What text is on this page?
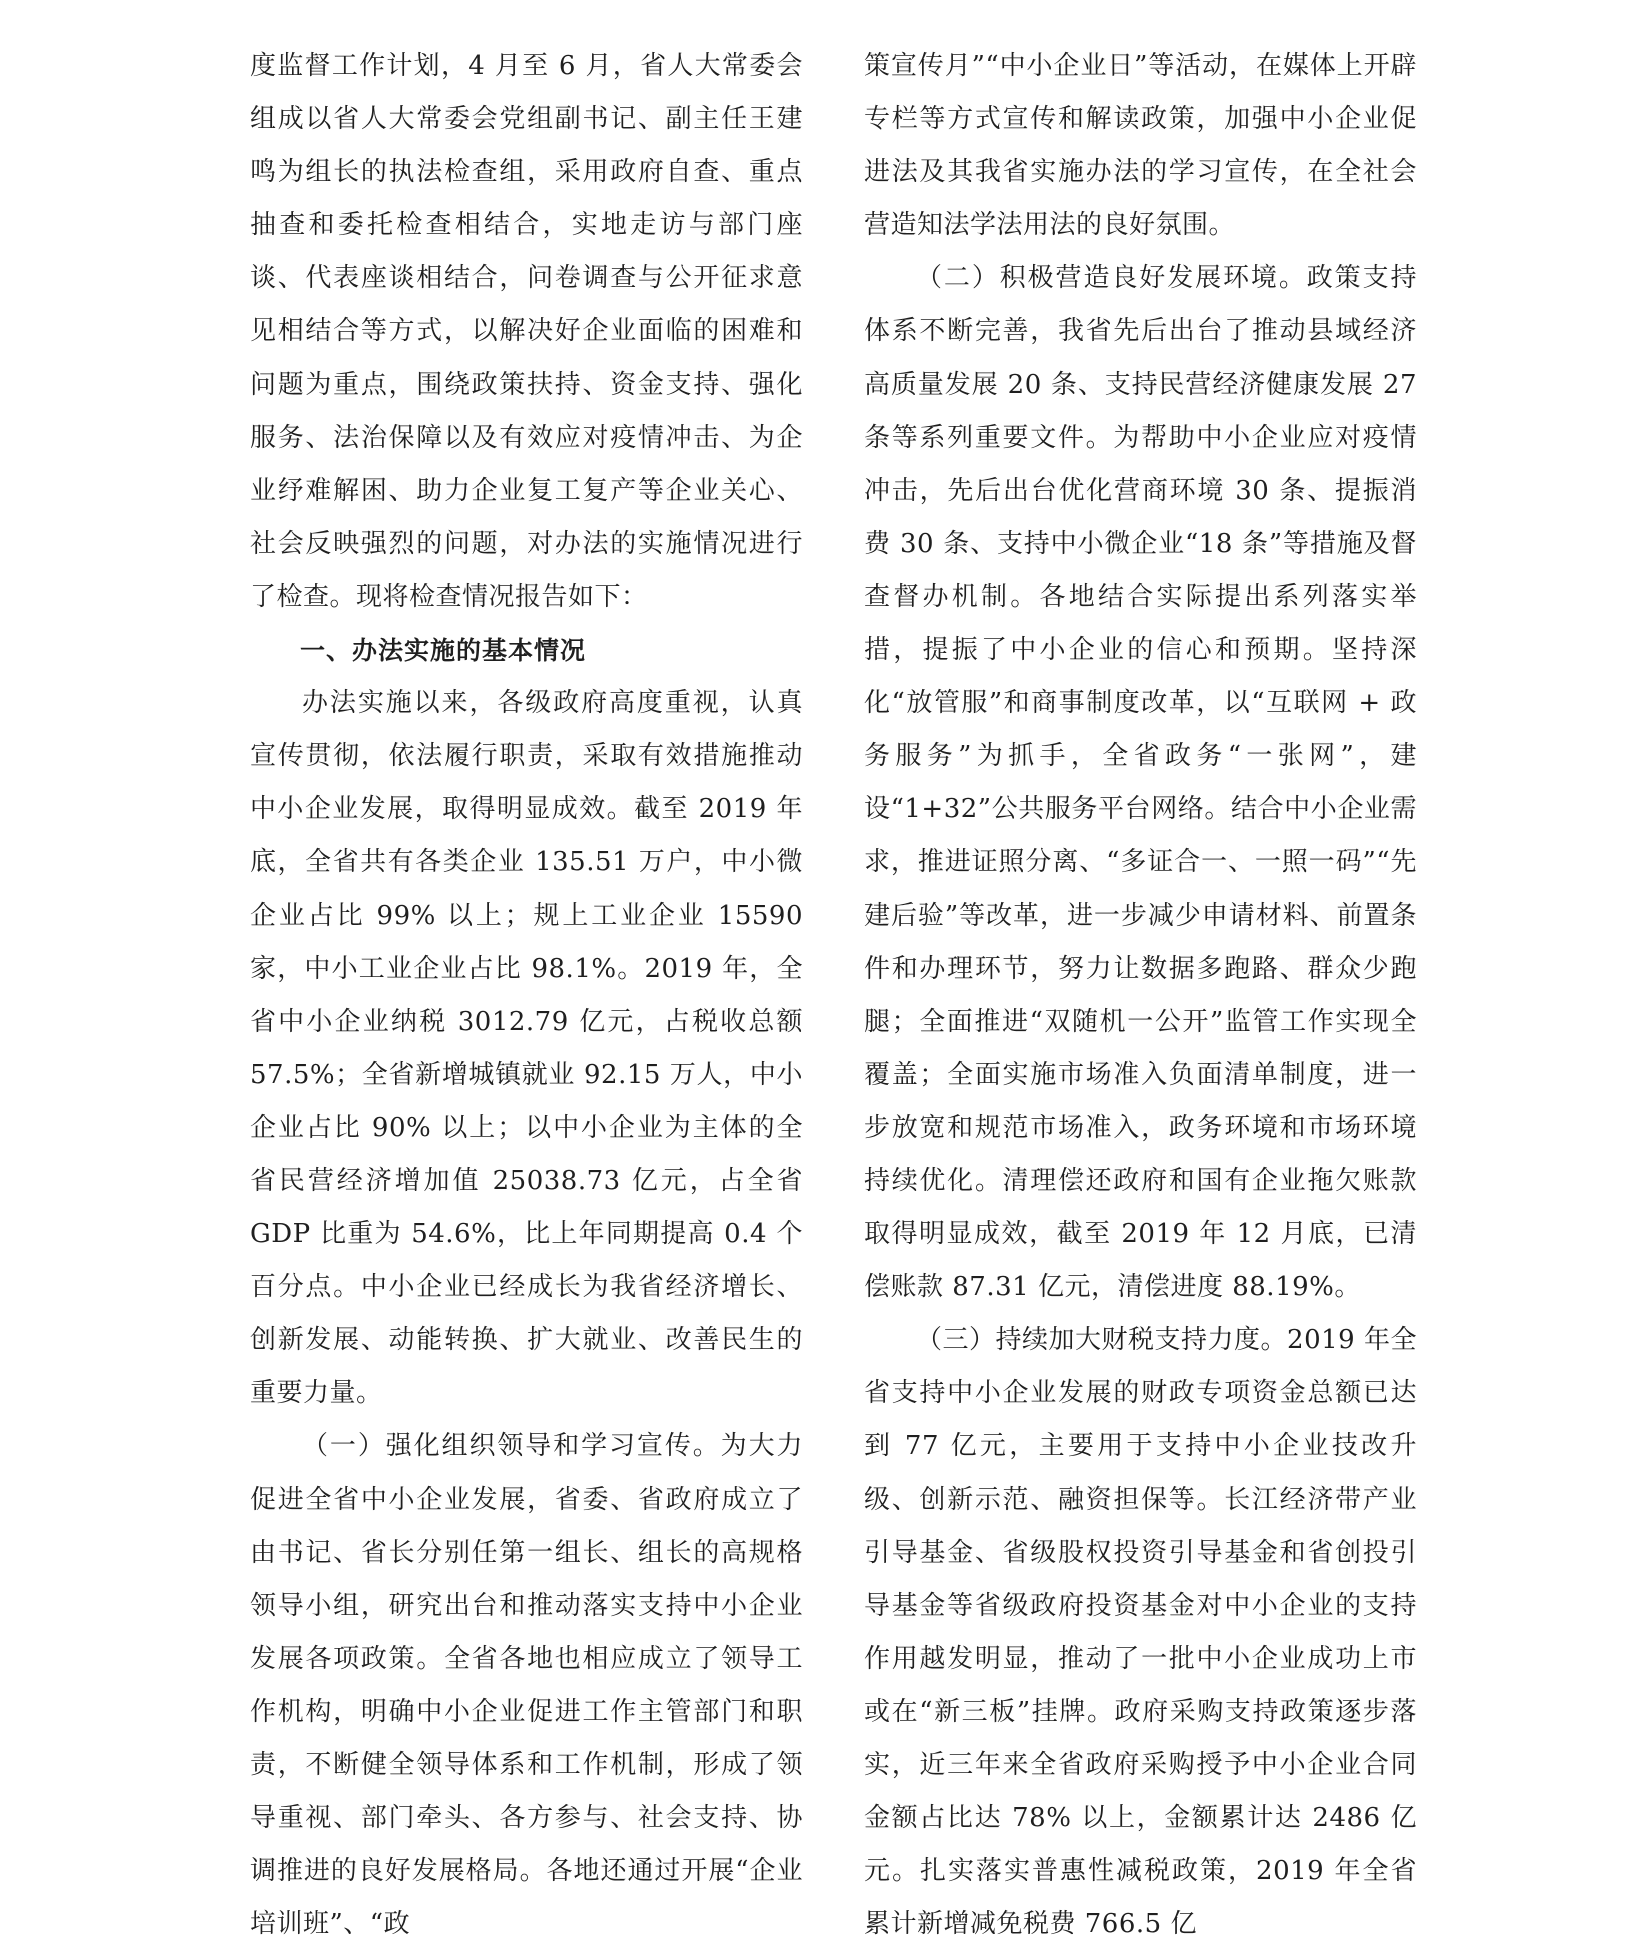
度监督工作计划，4 月至 6 月，省人大常委会组成以省人大常委会党组副书记、副主任王建鸣为组长的执法检查组，采用政府自查、重点抽查和委托检查相结合，实地走访与部门座谈、代表座谈相结合，问卷调查与公开征求意见相结合等方式，以解决好企业面临的困难和问题为重点，围绕政策扶持、资金支持、强化服务、法治保障以及有效应对疫情冲击、为企业纾难解困、助力企业复工复产等企业关心、社会反映强烈的问题，对办法的实施情况进行了检查。现将检查情况报告如下：

一、办法实施的基本情况

办法实施以来，各级政府高度重视，认真宣传贯彻，依法履行职责，采取有效措施推动中小企业发展，取得明显成效。截至 2019 年底，全省共有各类企业 135.51 万户，中小微企业占比 99% 以上；规上工业企业 15590 家，中小工业企业占比 98.1%。2019 年，全省中小企业纳税 3012.79 亿元，占税收总额 57.5%；全省新增城镇就业 92.15 万人，中小企业占比 90% 以上；以中小企业为主体的全省民营经济增加值 25038.73 亿元，占全省 GDP 比重为 54.6%，比上年同期提高 0.4 个百分点。中小企业已经成长为我省经济增长、创新发展、动能转换、扩大就业、改善民生的重要力量。

（一）强化组织领导和学习宣传。为大力促进全省中小企业发展，省委、省政府成立了由书记、省长分别任第一组长、组长的高规格领导小组，研究出台和推动落实支持中小企业发展各项政策。全省各地也相应成立了领导工作机构，明确中小企业促进工作主管部门和职责，不断健全领导体系和工作机制，形成了领导重视、部门牵头、各方参与、社会支持、协调推进的良好发展格局。各地还通过开展“企业培训班”、“政

策宣传月”“中小企业日”等活动，在媒体上开辟专栏等方式宣传和解读政策，加强中小企业促进法及其我省实施办法的学习宣传，在全社会营造知法学法用法的良好氛围。

（二）积极营造良好发展环境。政策支持体系不断完善，我省先后出台了推动县域经济高质量发展 20 条、支持民营经济健康发展 27 条等系列重要文件。为帮助中小企业应对疫情冲击，先后出台优化营商环境 30 条、提振消费 30 条、支持中小微企业“18 条”等措施及督查督办机制。各地结合实际提出系列落实举措，提振了中小企业的信心和预期。坚持深化“放管服”和商事制度改革，以“互联网 + 政务服务”为抓手，全省政务“一张网”，建设“1+32”公共服务平台网络。结合中小企业需求，推进证照分离、“多证合一、一照一码”“先建后验”等改革，进一步减少申请材料、前置条件和办理环节，努力让数据多跑路、群众少跑腿；全面推进“双随机一公开”监管工作实现全覆盖；全面实施市场准入负面清单制度，进一步放宽和规范市场准入，政务环境和市场环境持续优化。清理偿还政府和国有企业拖欠账款取得明显成效，截至 2019 年 12 月底，已清偿账款 87.31 亿元，清偿进度 88.19%。

（三）持续加大财税支持力度。2019 年全省支持中小企业发展的财政专项资金总额已达到 77 亿元，主要用于支持中小企业技改升级、创新示范、融资担保等。长江经济带产业引导基金、省级股权投资引导基金和省创投引导基金等省级政府投资基金对中小企业的支持作用越发明显，推动了一批中小企业成功上市或在“新三板”挂牌。政府采购支持政策逐步落实，近三年来全省政府采购授予中小企业合同金额占比达 78% 以上，金额累计达 2486 亿元。扎实落实普惠性减税政策，2019 年全省累计新增减免税费 766.5 亿
